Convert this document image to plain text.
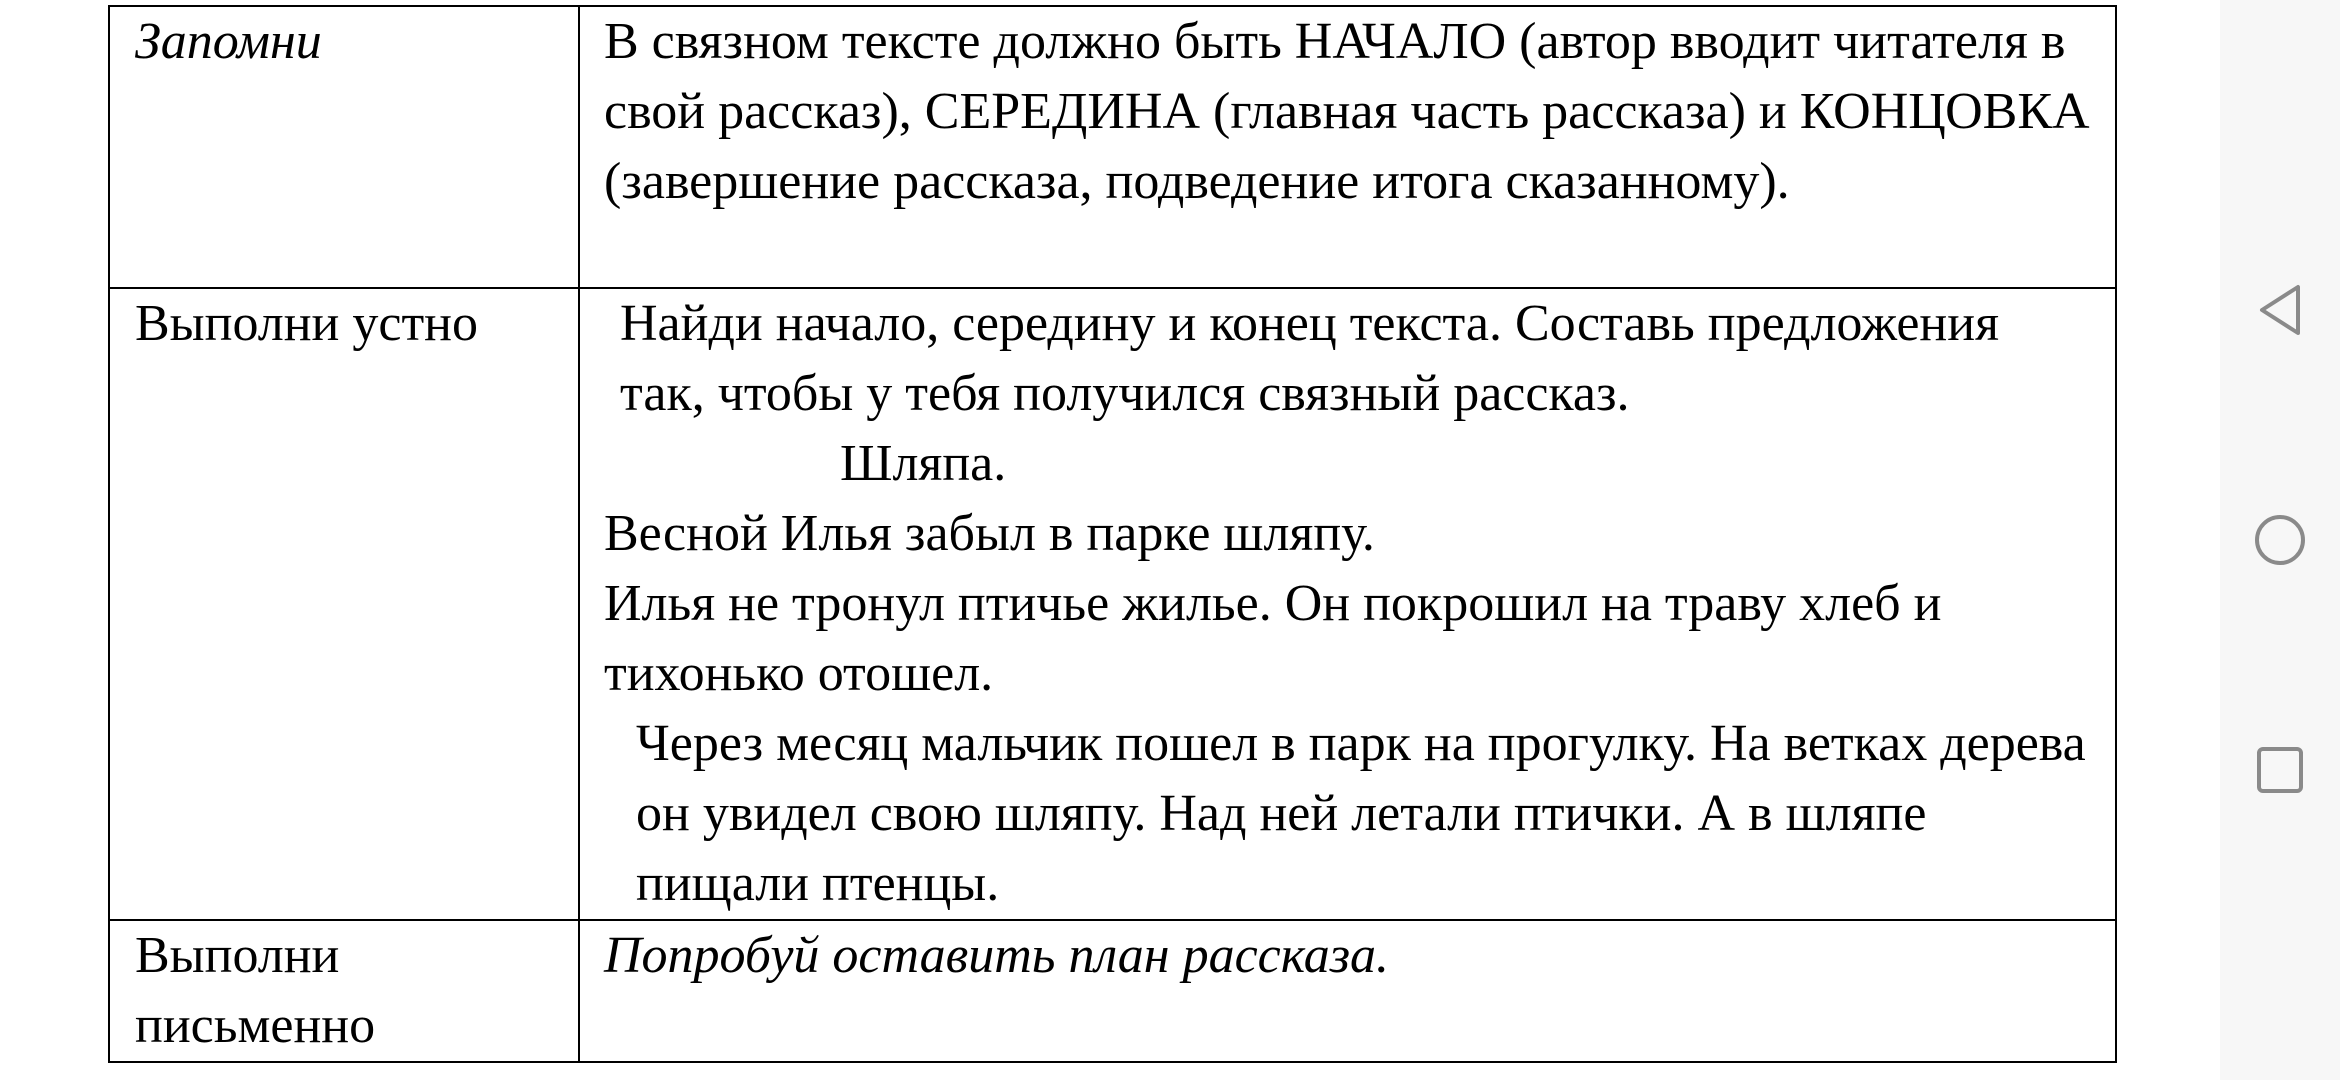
Запомни	В связном тексте должно быть НАЧАЛО (автор вводит читателя в свой рассказ), СЕРЕДИНА (главная часть рассказа) и КОНЦОВКА (завершение рассказа, подведение итога сказанному).

Выполни устно	Найди начало, середину и конец текста. Составь предложения так, чтобы у тебя получился связный рассказ.
Шляпа.
Весной Илья забыл в парке шляпу.
Илья не тронул птичье жилье. Он покрошил на траву хлеб и тихонько отошел.
Через месяц мальчик пошел в парк на прогулку. На ветках дерева он увидел свою шляпу. Над ней летали птички. А в шляпе пищали птенцы.

Выполни письменно	Попробуй оставить план рассказа.
